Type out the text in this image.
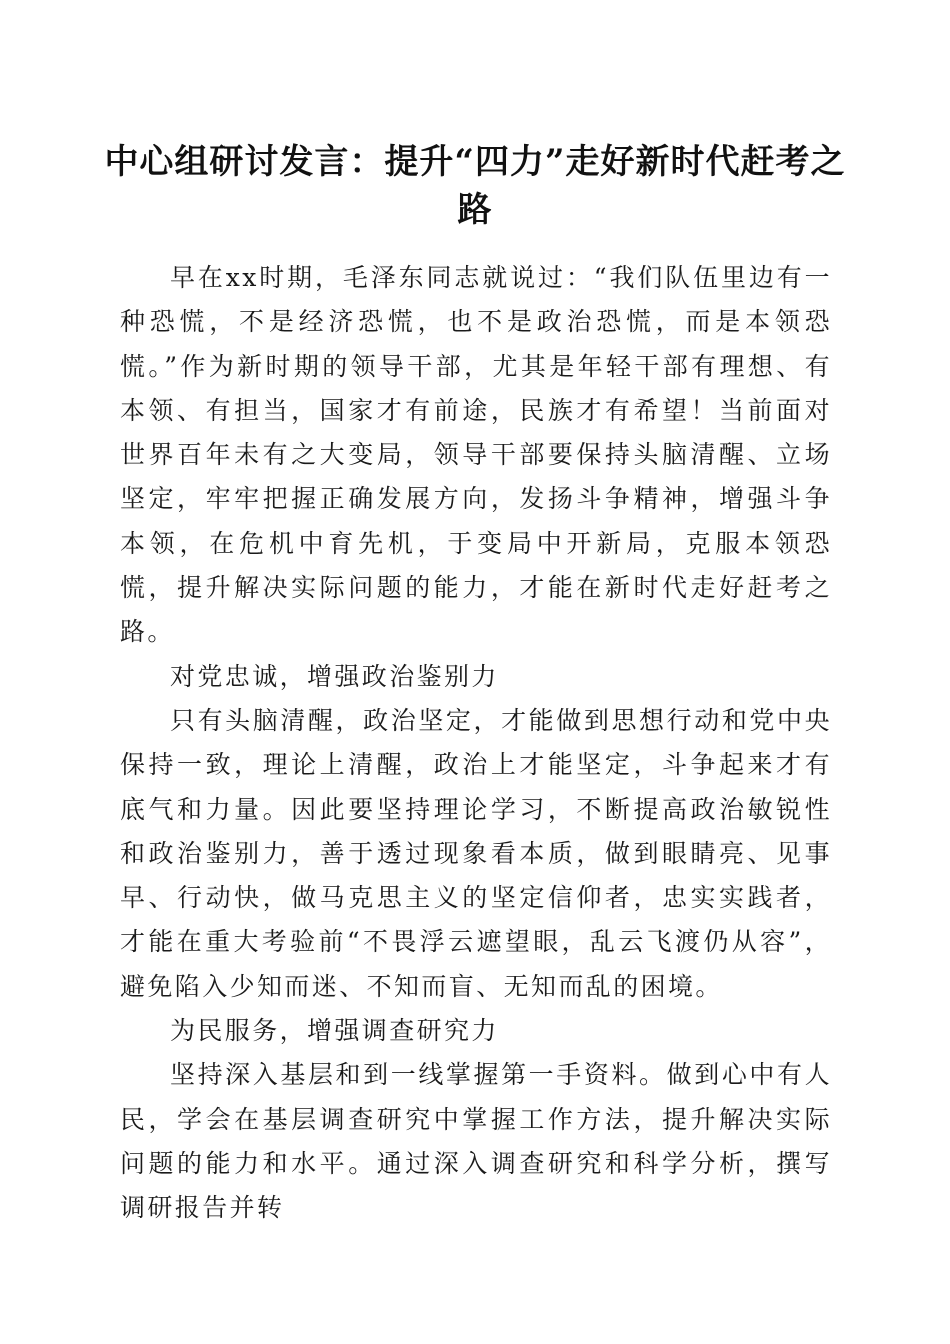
中心组研讨发言：提升“四力”走好新时代赶考之路

早在xx时期，毛泽东同志就说过：“我们队伍里边有一种恐慌，不是经济恐慌，也不是政治恐慌，而是本领恐慌。”作为新时期的领导干部，尤其是年轻干部有理想、有本领、有担当，国家才有前途，民族才有希望！当前面对世界百年未有之大变局，领导干部要保持头脑清醒、立场坚定，牢牢把握正确发展方向，发扬斗争精神，增强斗争本领，在危机中育先机，于变局中开新局，克服本领恐慌，提升解决实际问题的能力，才能在新时代走好赶考之路。

对党忠诚，增强政治鉴别力

只有头脑清醒，政治坚定，才能做到思想行动和党中央保持一致，理论上清醒，政治上才能坚定，斗争起来才有底气和力量。因此要坚持理论学习，不断提高政治敏锐性和政治鉴别力，善于透过现象看本质，做到眼睛亮、见事早、行动快，做马克思主义的坚定信仰者，忠实实践者，才能在重大考验前“不畏浮云遮望眼，乱云飞渡仍从容”，避免陷入少知而迷、不知而盲、无知而乱的困境。

为民服务，增强调查研究力

坚持深入基层和到一线掌握第一手资料。做到心中有人民，学会在基层调查研究中掌握工作方法，提升解决实际问题的能力和水平。通过深入调查研究和科学分析，撰写调研报告并转
